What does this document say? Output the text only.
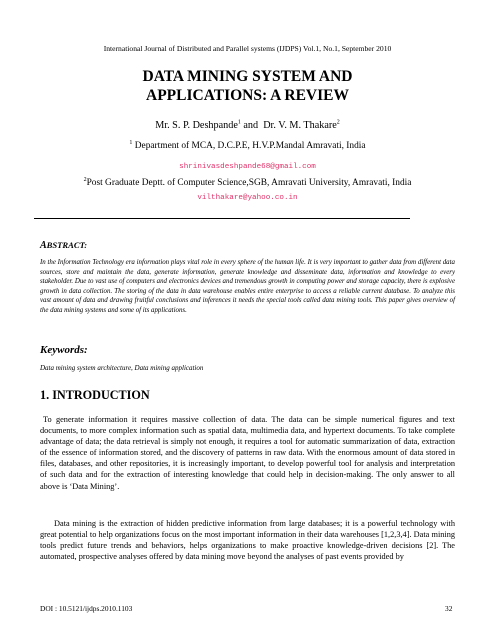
International Journal of Distributed and Parallel systems (IJDPS) Vol.1, No.1, September 2010
DATA MINING SYSTEM AND
APPLICATIONS: A REVIEW
Mr. S. P. Deshpande$^1$ and  Dr. V. M. Thakare$^2$
$^1$ Department of MCA, D.C.P.E, H.V.P.Mandal Amravati, India
shrinivasdeshpande68@gmail.com
$^2$Post Graduate Deptt. of Computer Science,SGB, Amravati University, Amravati, India
vilthakare@yahoo.co.in
ABSTRACT:
In the Information Technology era information plays vital role in every sphere of the human life. It is very important to gather data from different data sources, store and maintain the data, generate information, generate knowledge and disseminate data, information and knowledge to every stakeholder. Due to vast use of computers and electronics devices and tremendous growth in computing power and storage capacity, there is explosive growth in data collection. The storing of the data in data warehouse enables entire enterprise to access a reliable current database. To analyze this vast amount of data and drawing fruitful conclusions and inferences it needs the special tools called data mining tools. This paper gives overview of the data mining systems and some of its applications.
Keywords:
Data mining system architecture, Data mining application
1. INTRODUCTION
To generate information it requires massive collection of data. The data can be simple numerical figures and text documents, to more complex information such as spatial data, multimedia data, and hypertext documents. To take complete advantage of data; the data retrieval is simply not enough, it requires a tool for automatic summarization of data, extraction of the essence of information stored, and the discovery of patterns in raw data. With the enormous amount of data stored in files, databases, and other repositories, it is increasingly important, to develop powerful tool for analysis and interpretation of such data and for the extraction of interesting knowledge that could help in decision-making. The only answer to all above is ‘Data Mining’.
Data mining is the extraction of hidden predictive information from large databases; it is a powerful technology with great potential to help organizations focus on the most important information in their data warehouses [1,2,3,4]. Data mining tools predict future trends and behaviors, helps organizations to make proactive knowledge-driven decisions [2]. The automated, prospective analyses offered by data mining move beyond the analyses of past events provided by
DOI : 10.5121/ijdps.2010.1103	32
